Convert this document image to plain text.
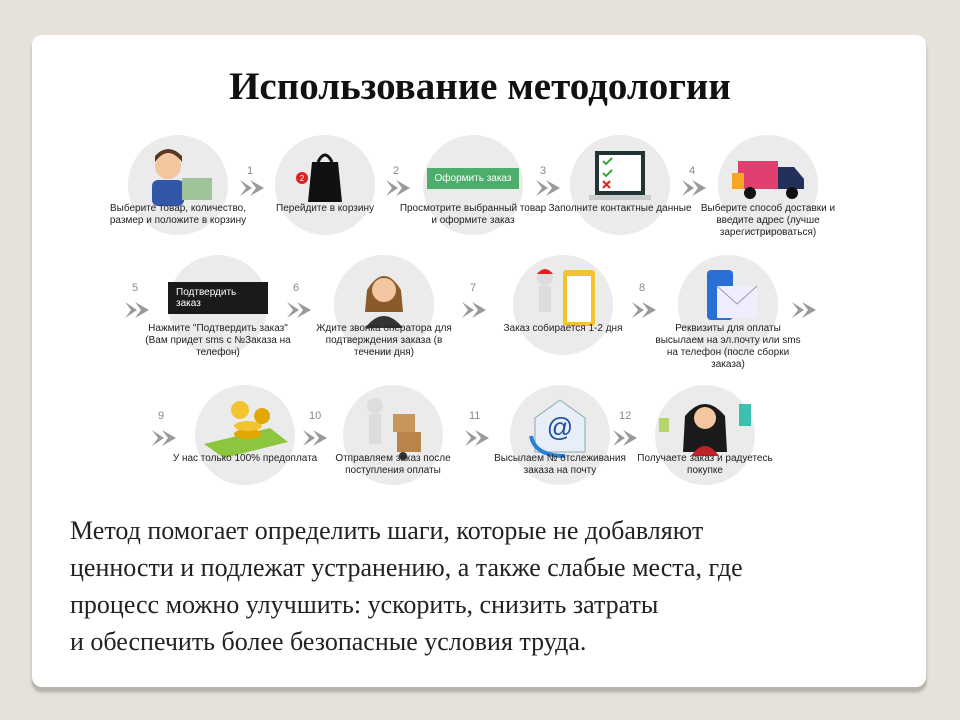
Использование методологии
Выберите товар, количество, размер и положите в корзину
2
Перейдите в корзину
Оформить заказ
Просмотрите выбранный товар и оформите заказ
Заполните контактные данные Выберите способ доставки и введите адрес (лучше зарегистрироваться)
Подтвердить заказ
Нажмите "Подтвердить заказ" (Вам придет sms с №Заказа на телефон)
Ждите звонка оператора для подтверждения заказа (в течении дня)
Заказ собирается 1-2 дня	Реквизиты для оплаты высылаем на эл.почту или sms на телефон (после сборки заказа)
У нас только 100% предоплата	Отправляем заказ после поступления оплаты
@
Высылаем № отслеживания заказа на почту
Получаете заказ и радуетесь покупке
1	2	3	4
5	6	7	8
9	10	11	12
Метод помогает определить шаги, которые не добавляют
ценности и подлежат устранению, а также слабые места, где
процесс можно улучшить: ускорить, снизить затраты
и обеспечить более безопасные условия труда.
